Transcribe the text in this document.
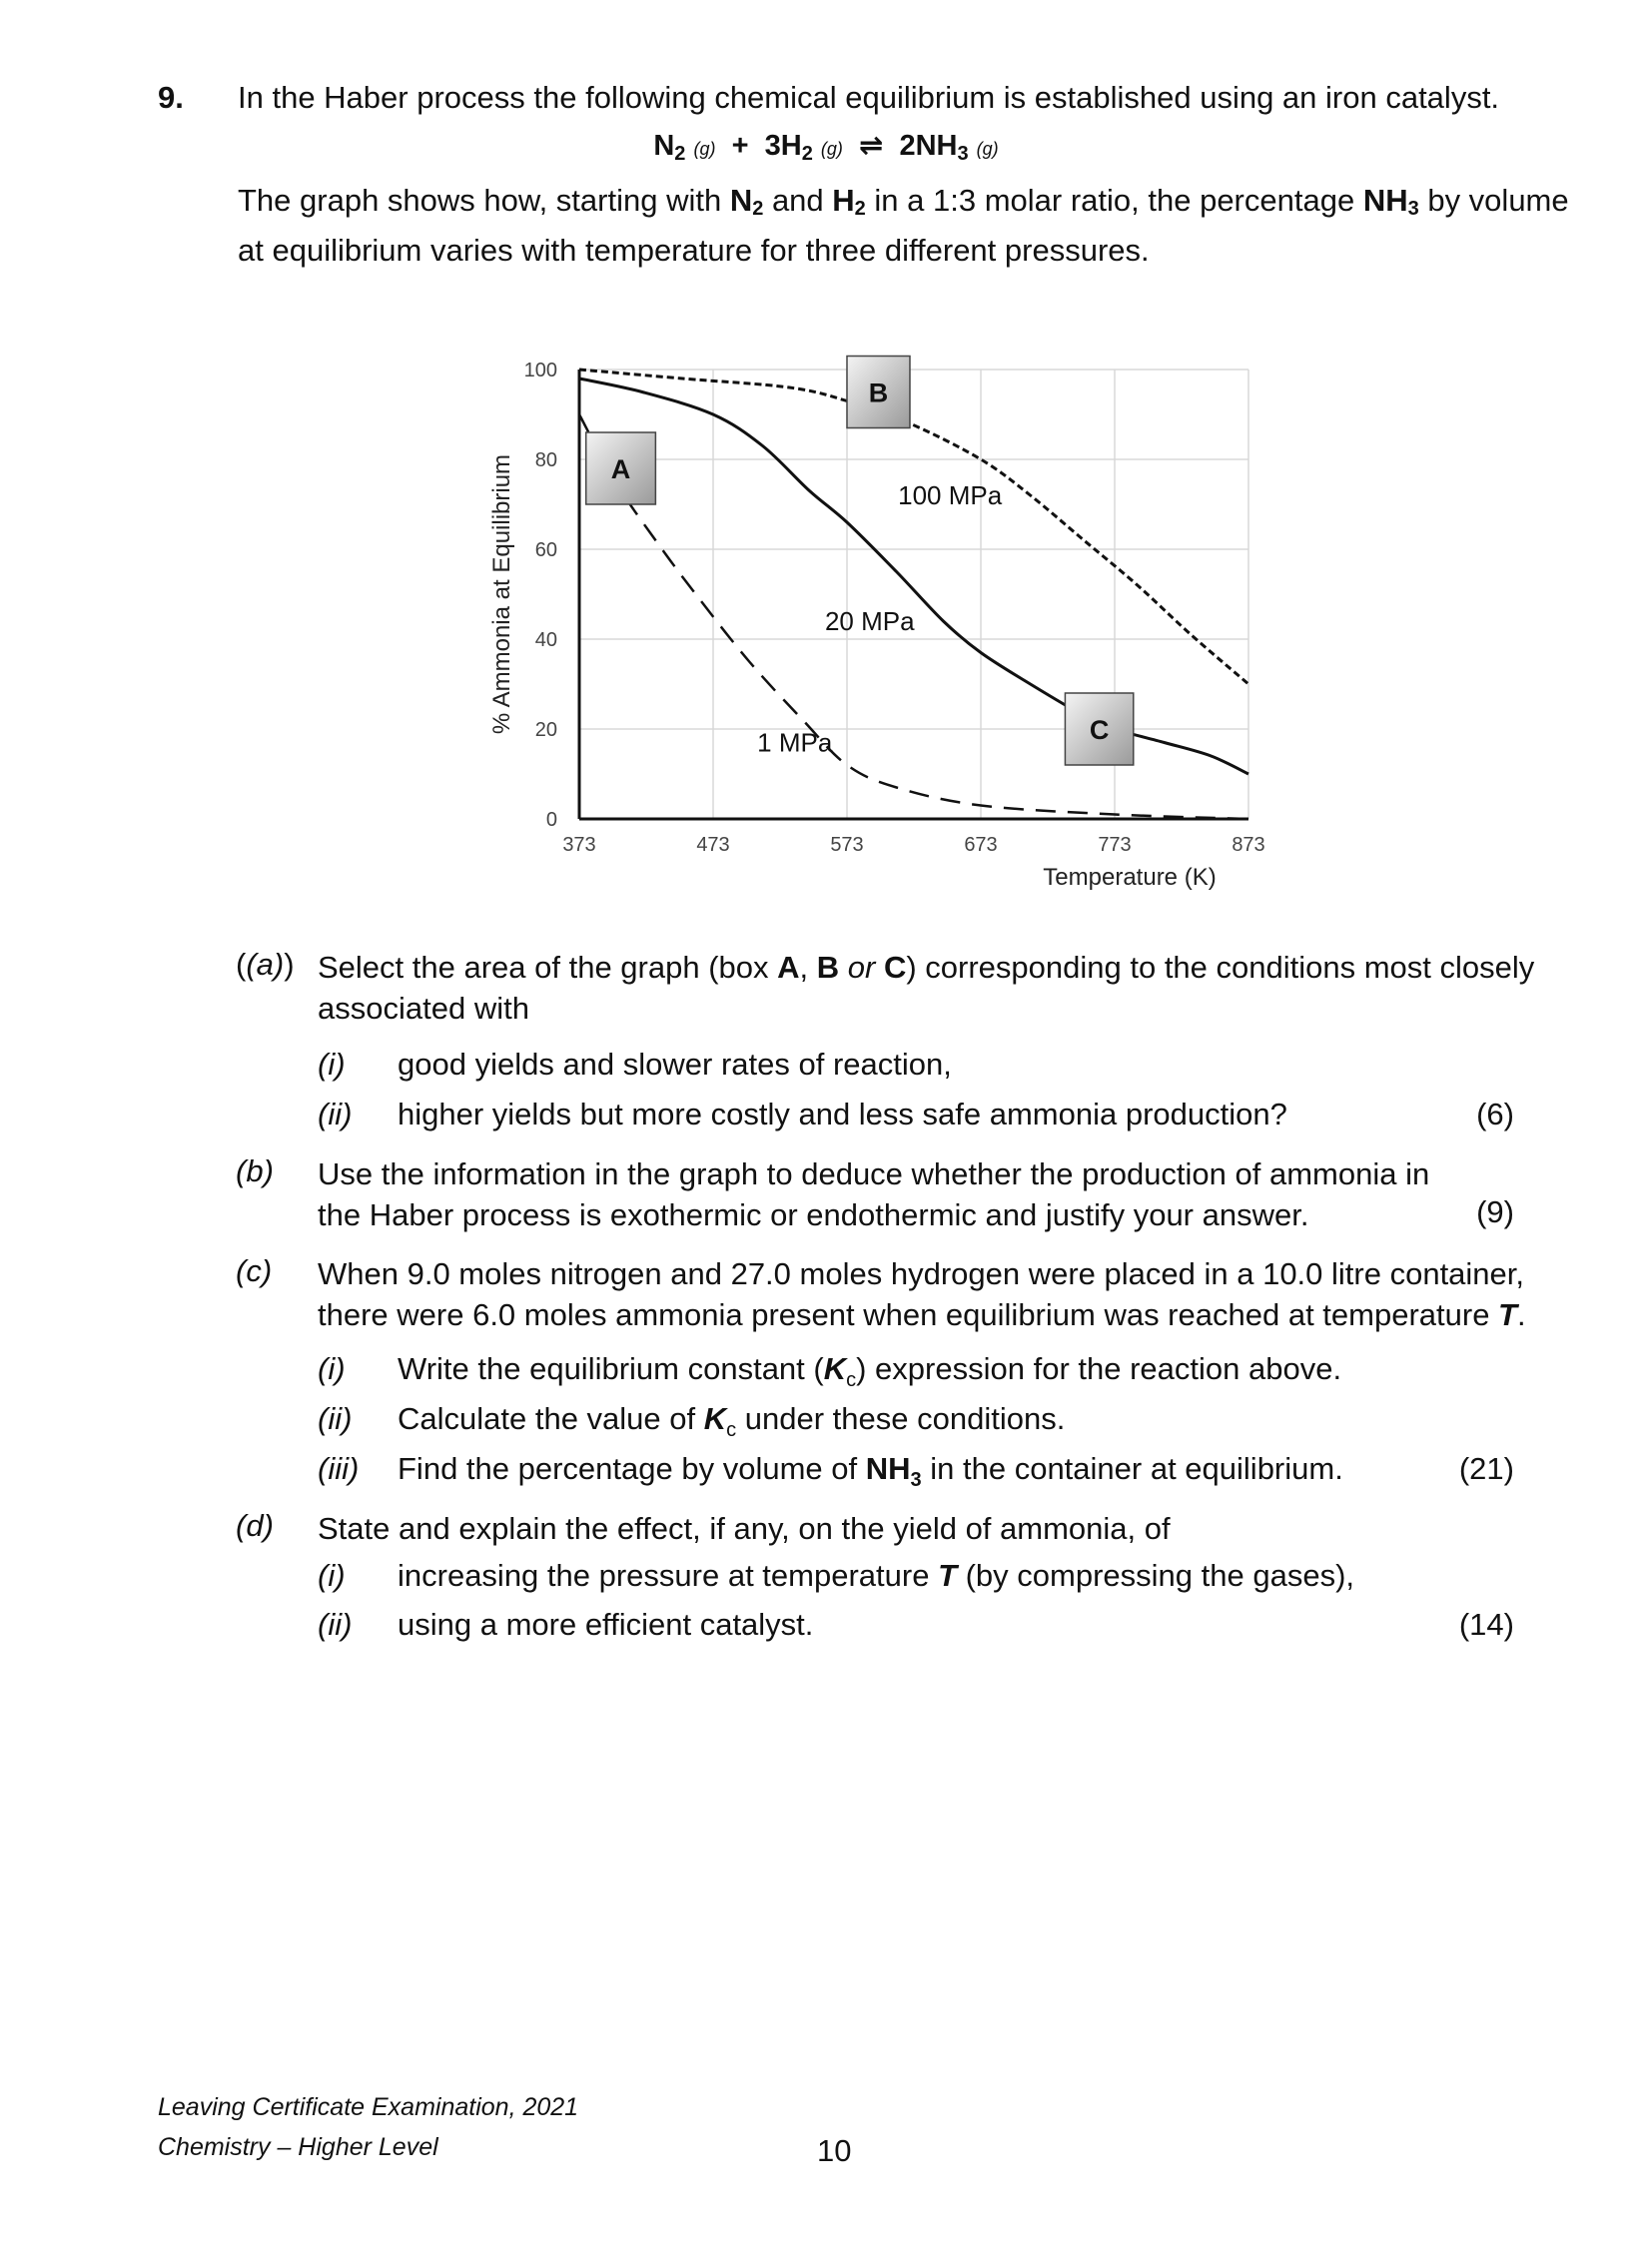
9. In the Haber process the following chemical equilibrium is established using an iron catalyst.
$N_2$ $(g) + 3H_2$ (g) ⇌ $2NH_3$ (g)
The graph shows how, starting with $N_2$ and $H_2$ in a 1:3 molar ratio, the percentage $NH_3$ by volume at equilibrium varies with temperature for three different pressures.
A
B
C
373	473	573	673	773	873
0
20
40
60
80
100
Temperature (K)
% Ammonia at Equilibrium	100 MPa
20 MPa
1 MPa
((a)) Select the area of the graph (box A, B or C) corresponding to the conditions most closely associated with
(i) good yields and slower rates of reaction,
(ii) higher yields but more costly and less safe ammonia production?	(6)
(b) Use the information in the graph to deduce whether the production of ammonia in the Haber process is exothermic or endothermic and justify your answer.	(9)
(c) When 9.0 moles nitrogen and 27.0 moles hydrogen were placed in a 10.0 litre container, there were 6.0 moles ammonia present when equilibrium was reached at temperature T.
(i) Write the equilibrium constant $(K_c)$ expression for the reaction above.
(ii) Calculate the value of $K_c$ under these conditions.
(iii) Find the percentage by volume of $NH_3$ in the container at equilibrium.	(21)
(d) State and explain the effect, if any, on the yield of ammonia, of
(i) increasing the pressure at temperature T (by compressing the gases),
(ii) using a more efficient catalyst.	(14)
Leaving Certificate Examination, 2021
Chemistry – Higher Level	10
